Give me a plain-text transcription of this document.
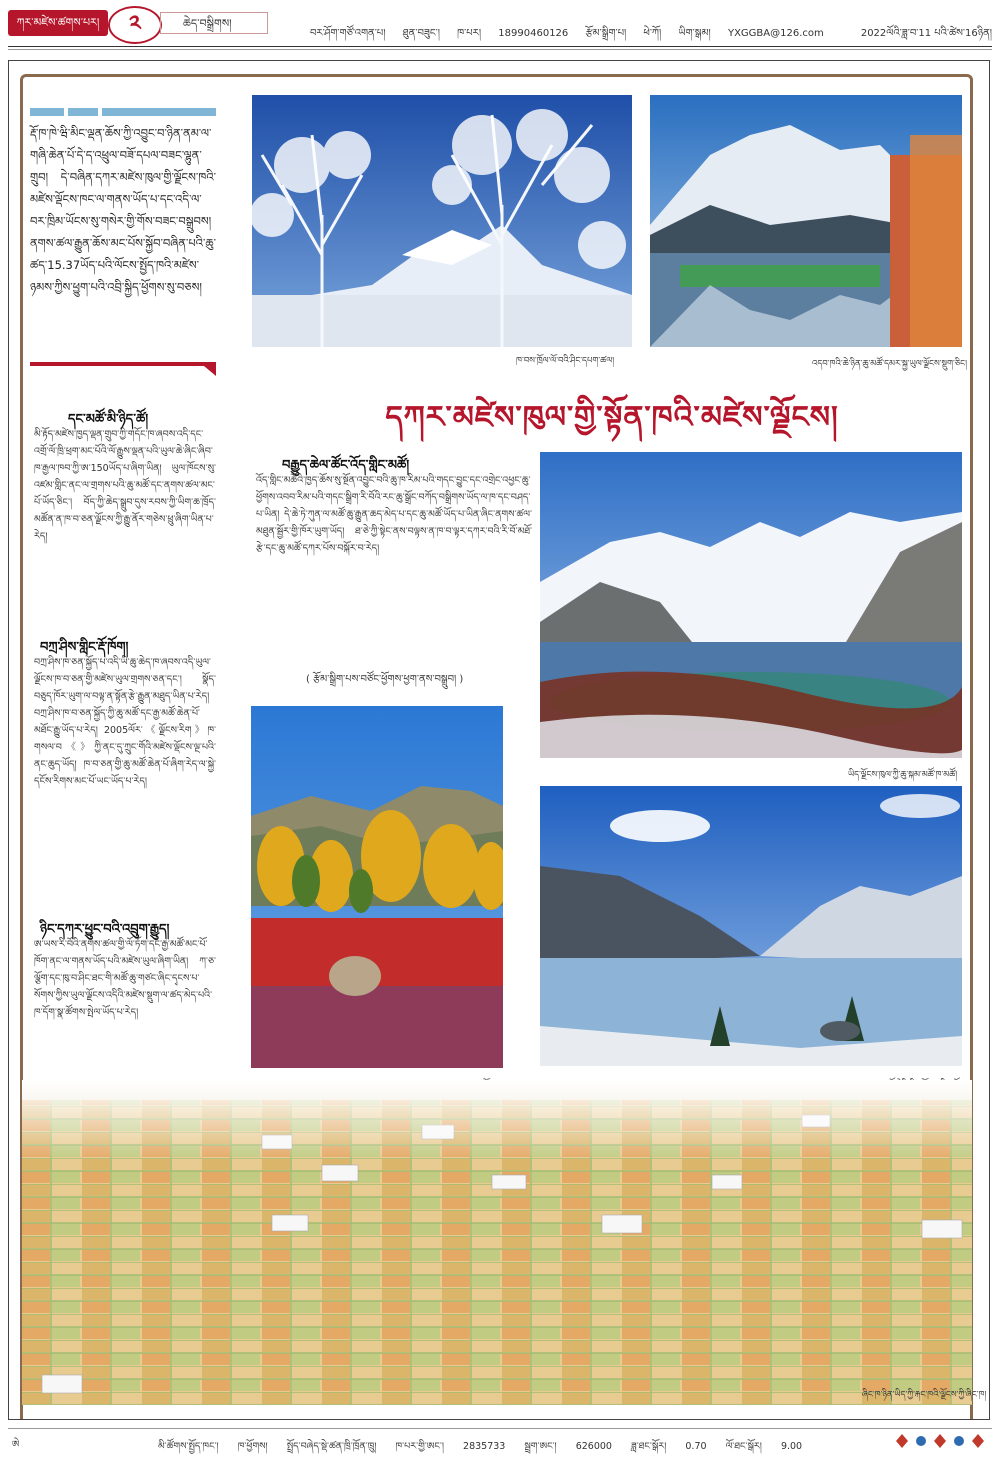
ཀར་མཛེས་ཚགས་པར།	༢	ཆེད་བསྒྲིགས།
བར་ཤོག་གཙོ་འགན་པ། ཐུན་བཟུང་། ཁ་པར། 18990460126 རྩོམ་སྒྲིག་པ། ཕེ་ཀོ། ཡིག་སྒམ། YXGGBA@126.com	2022ལོའི་ཟླ་བ་11 པའི་ཚེས་16ཉིན།
རྡོ་ཁ་ཁེ་ཝི་མིང་ལྡན་ཆོས་ཀྱི་འབྱུང་བ་ཉིན་ནམ་ལ་གཞི་ཆེན་པོ་དེ་ད་འཕྲུལ་བཟོ་དཔལ་བཟང་ལྷུན་གྲུབ། དེ་བཞིན་དཀར་མཛེས་ཁུལ་གྱི་ལྗོངས་ཁའི་མཛེས་ལྡོངས་ཁང་ལ་གནས་ཡོད་པ་དང་འདི་ལ་བར་ཁྲིམ་ཡོངས་སུ་གསེར་གྱི་གོས་བཟང་བསྒྲུབས། ནགས་ཚལ་རྒྱུན་ཆོས་མང་པོས་སྐྱོབ་བཞིན་པའི་ཆུ་ཚད་15.37ཡོད་པའི་ལོངས་སྤྱོད་ཁའི་མཛེས་ཉམས་ཀྱིས་ཕྱུག་པའི་འབྲི་སྐྱིད་ཕྱོགས་སུ་བཅས།
དང་མཚོ་མི་ཉིད་ཚོ།
མི་རྟོད་མཛེས་ཁྱད་ལྡན་གྲུབ་ཀྱི་གདོང་ཁ་ཞབས་འདི་དང་འགྲོ་ལོ་ཁྲི་ཕྲག་མང་པོའི་ལོ་རྒྱུས་ལྡན་པའི་ཡུལ་ཆེ་ཞིང་ཞིབ་ཁ་རྒྱལ་ཁབ་ཀྱི་ཨ་150ཡོད་པ་ཞིག་ཡིན། ཡུལ་ཁོངས་སུ་འཛམ་གླིང་ནང་ལ་གྲགས་པའི་ཆུ་མཚོ་དང་ནགས་ཚལ་མང་པོ་ཡོད་ཅིང་། བོད་ཀྱི་ཆེད་སྒྲུབ་དུས་རབས་ཀྱི་ཡིག་ཆ་ཁྲོད་མཚོན་ན་ཁ་བ་ཅན་ལྗོངས་ཀྱི་རྒྱུ་ནོར་གཅེས་ཕྲུ་ཞིག་ཡིན་པ་རེད།
བཀྲ་ཤིས་གླིང་རྡོ་ཁོག།
བཀྲ་ཤིས་ཁ་ཅན་སྐྱོད་པ་འདི་ཡི་ཆུ་ཆེད་ཁ་ཞབས་འདི་ཡུལ་ལྗོངས་ཁ་བ་ཅན་གྱི་མཛེས་ཡུལ་གྲགས་ཅན་དང་། སྣོད་བཅུད་ཁོར་ཡུག་ལ་བལྟ་ན་སྟོན་རྩེ་རྒྱུན་མཐུད་ཡིན་པ་རེད། བཀྲ་ཤིས་ཁ་བ་ཅན་སྐྱོད་ཀྱི་ཆུ་མཚོ་དང་རྒྱ་མཚོ་ཆེན་པོ་མཐོང་རྒྱུ་ཡོད་པ་རེད། 2005ལོར་《ལྗོངས་རིག》ཁ་གསལ་བ《》ཀྱི་ནང་དུ་ཀྲུང་གོའི་མཛེས་ལྡོངས་ལྔ་པའི་ནང་ཆུད་ཡོད། ཁ་བ་ཅན་གྱི་ཆུ་མཚོ་ཆེན་པོ་ཞིག་རེད་ལ་སྐྱེ་དངོས་རིགས་མང་པོ་ཡང་ཡོད་པ་རེད།
ཉིང་དཀར་ཕྱུང་བའི་འབྲུག་རྒྱུད།
ཨ་ཡས་རི་བོའི་ནགས་ཚལ་གྱི་ལོ་ཏོག་དང་རྒྱ་མཚོ་མང་པོ་ཁོག་ནང་ལ་གནས་ཡོད་པའི་མཛེས་ཡུལ་ཞིག་ཡིན། ཀ་ཅ་ལྕོག་དང་ཁུ་བ་ཤིང་ཐང་གི་མཚོ་ཆུ་གཙང་ཞིང་དྭངས་པ་སོགས་ཀྱིས་ཡུལ་ལྗོངས་འདིའི་མཛེས་སྡུག་ལ་ཚད་མེད་པའི་ཁ་དོག་སྣ་ཚོགས་སྤེལ་ཡོད་པ་རེད།
ཁ་བས་ཁྲོལ་ལོ་བའི་ཤིང་དཔག་ཚལ།	འདབ་ཁའི་ཆེ་ཉིན་ཆུ་མཚོ་དམར་སྐྱ་ཡུལ་ལྗོངས་སྡུག་ཅིང།
ཡིད་ལྗོངས་ཁུལ་ཀྱི་ཆུ་སྐམ་མཚོ་ཁ་མཚོ།
ཞིང་ཁ་ཉིན་ཡིད་ཀྱི་རྐང་ཁའི་ལྗོངས་ཀྱི་ཞིང་ཁ།
དཀར་མཛེས་ཁུལ་གྱི་སྟོན་ཁའི་མཛེས་ལྗོངས།
བརྒྱུད་ཆེལ་ཚོང་འོད་གླིང་མཚོ།
འོད་གླིང་མཚོའི་ཁྱད་ཆོས་སུ་སྔོན་འབྱུང་བའི་ཆུ་ཁ་རིམ་པའི་གདང་བྱུང་དང་འགྲེང་འཕྱང་ཆུ་ཕྱོགས་འབབ་རིམ་པའི་གདང་སྒྲིག་རི་བོའི་རང་ཆུ་སྒྲོང་བཀོད་བསྒྲིགས་ཡོད་ལ་ཁ་དང་བཤད་པ་ཡིན། དེ་ཆེ་ཏེ་ཀུན་ལ་མཚོ་ཆུ་རྒྱུན་ཆད་མེད་པ་དང་ཆུ་མཚོ་ཡོད་པ་ཡིན་ཞིང་ནགས་ཚལ་མཐུན་སྦྱོར་གྱི་ཁོར་ཡུག་ཡོད། ཐ་ཅེ་ཀྱི་སྟེང་ནས་བལྟས་ན་ཁ་བ་ལྟར་དཀར་བའི་རི་བོ་མཐོ་རྩེ་དང་ཆུ་མཚོ་དཀར་པོས་བསྐོར་བ་རེད།
( རྩོམ་སྒྲིག་པས་བཙོང་ཕྱོགས་ཕྱག་ནས་བསྒྲུབ། )
ཨེ	མི་ཚོགས་སྤྱོད་ཁང་། ཁ་ཕྱོགས། སྤྲོད་བཞེད་སྡེ་ཚན་ཁྲི་ཁྲོན་ཁྲུ། ཁ་པར་གྱི་ཨང་། 2835733 སྦྲག་ཨང་། 626000 ཟླ་ཐང་སྒོར། 0.70 ལོ་ཐང་སྒོར། 9.00
